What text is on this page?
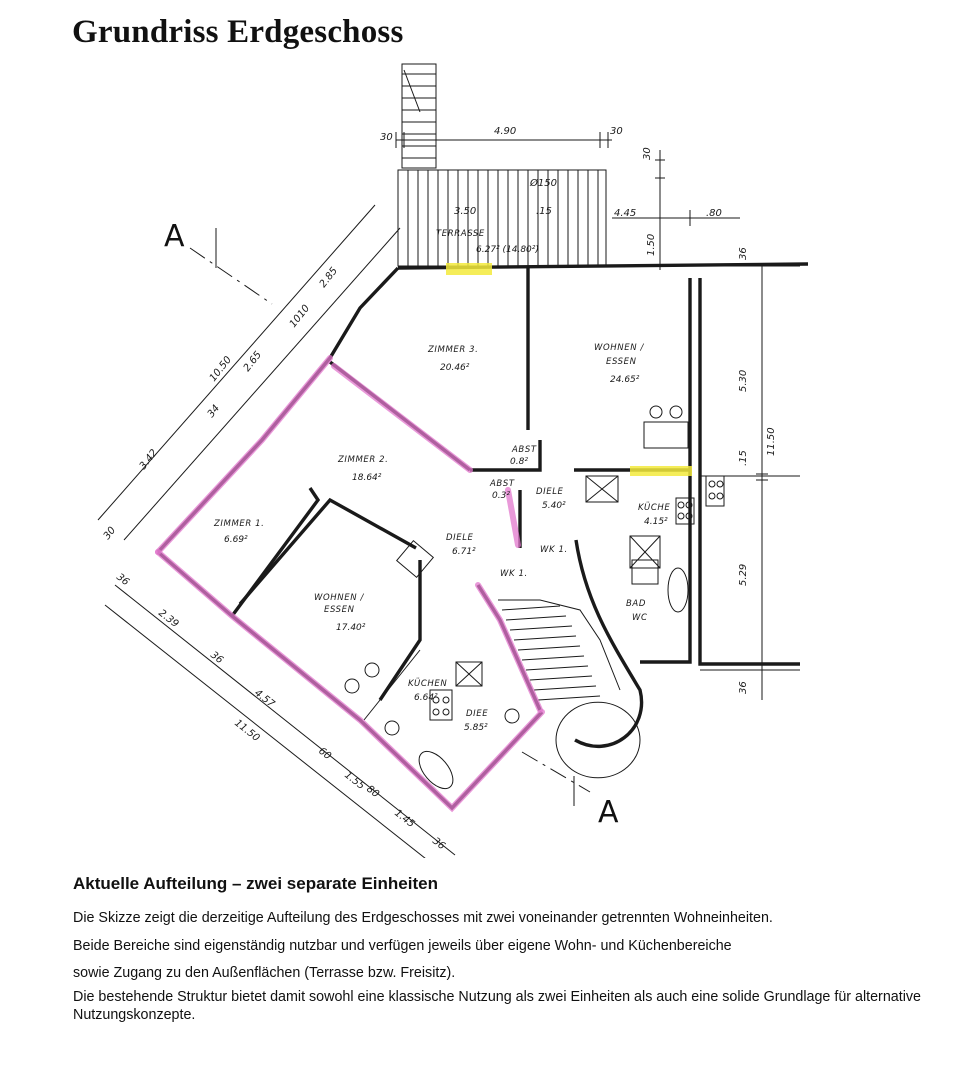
Grundriss Erdgeschoss
A
A
ZIMMER 3.
20.46²
WOHNEN /
ESSEN
24.65²
ZIMMER 2.
18.64²
ZIMMER 1.
6.69²
WOHNEN /
ESSEN
17.40²
KÜCHE
4.15²
KÜCHEN
6.64²
DIELE
6.71²
DIELE
5.40²
DIEE
5.85²
ABST
0.8²
ABST
0.3²
BAD
WC
WK 1.
WK 1.
TERRASSE
6.27² (14.80²)
30
4.90	30
30
3.50	4.45	.80
Ø150
.15
1.50	36
5.30
.15
11.50
5.29
36
10.50 2.65
10
10
2.85
34
3.42
30
36
2.39
36
4.57
11.50
60
1.55
80
1.45
36
Aktuelle Aufteilung – zwei separate Einheiten

Die Skizze zeigt die derzeitige Aufteilung des Erdgeschosses mit zwei voneinander getrennten Wohneinheiten.

Beide Bereiche sind eigenständig nutzbar und verfügen jeweils über eigene Wohn- und Küchenbereiche

sowie Zugang zu den Außenflächen (Terrasse bzw. Freisitz).

Die bestehende Struktur bietet damit sowohl eine klassische Nutzung als zwei Einheiten als auch eine solide Grundlage für alternative Nutzungskonzepte.
